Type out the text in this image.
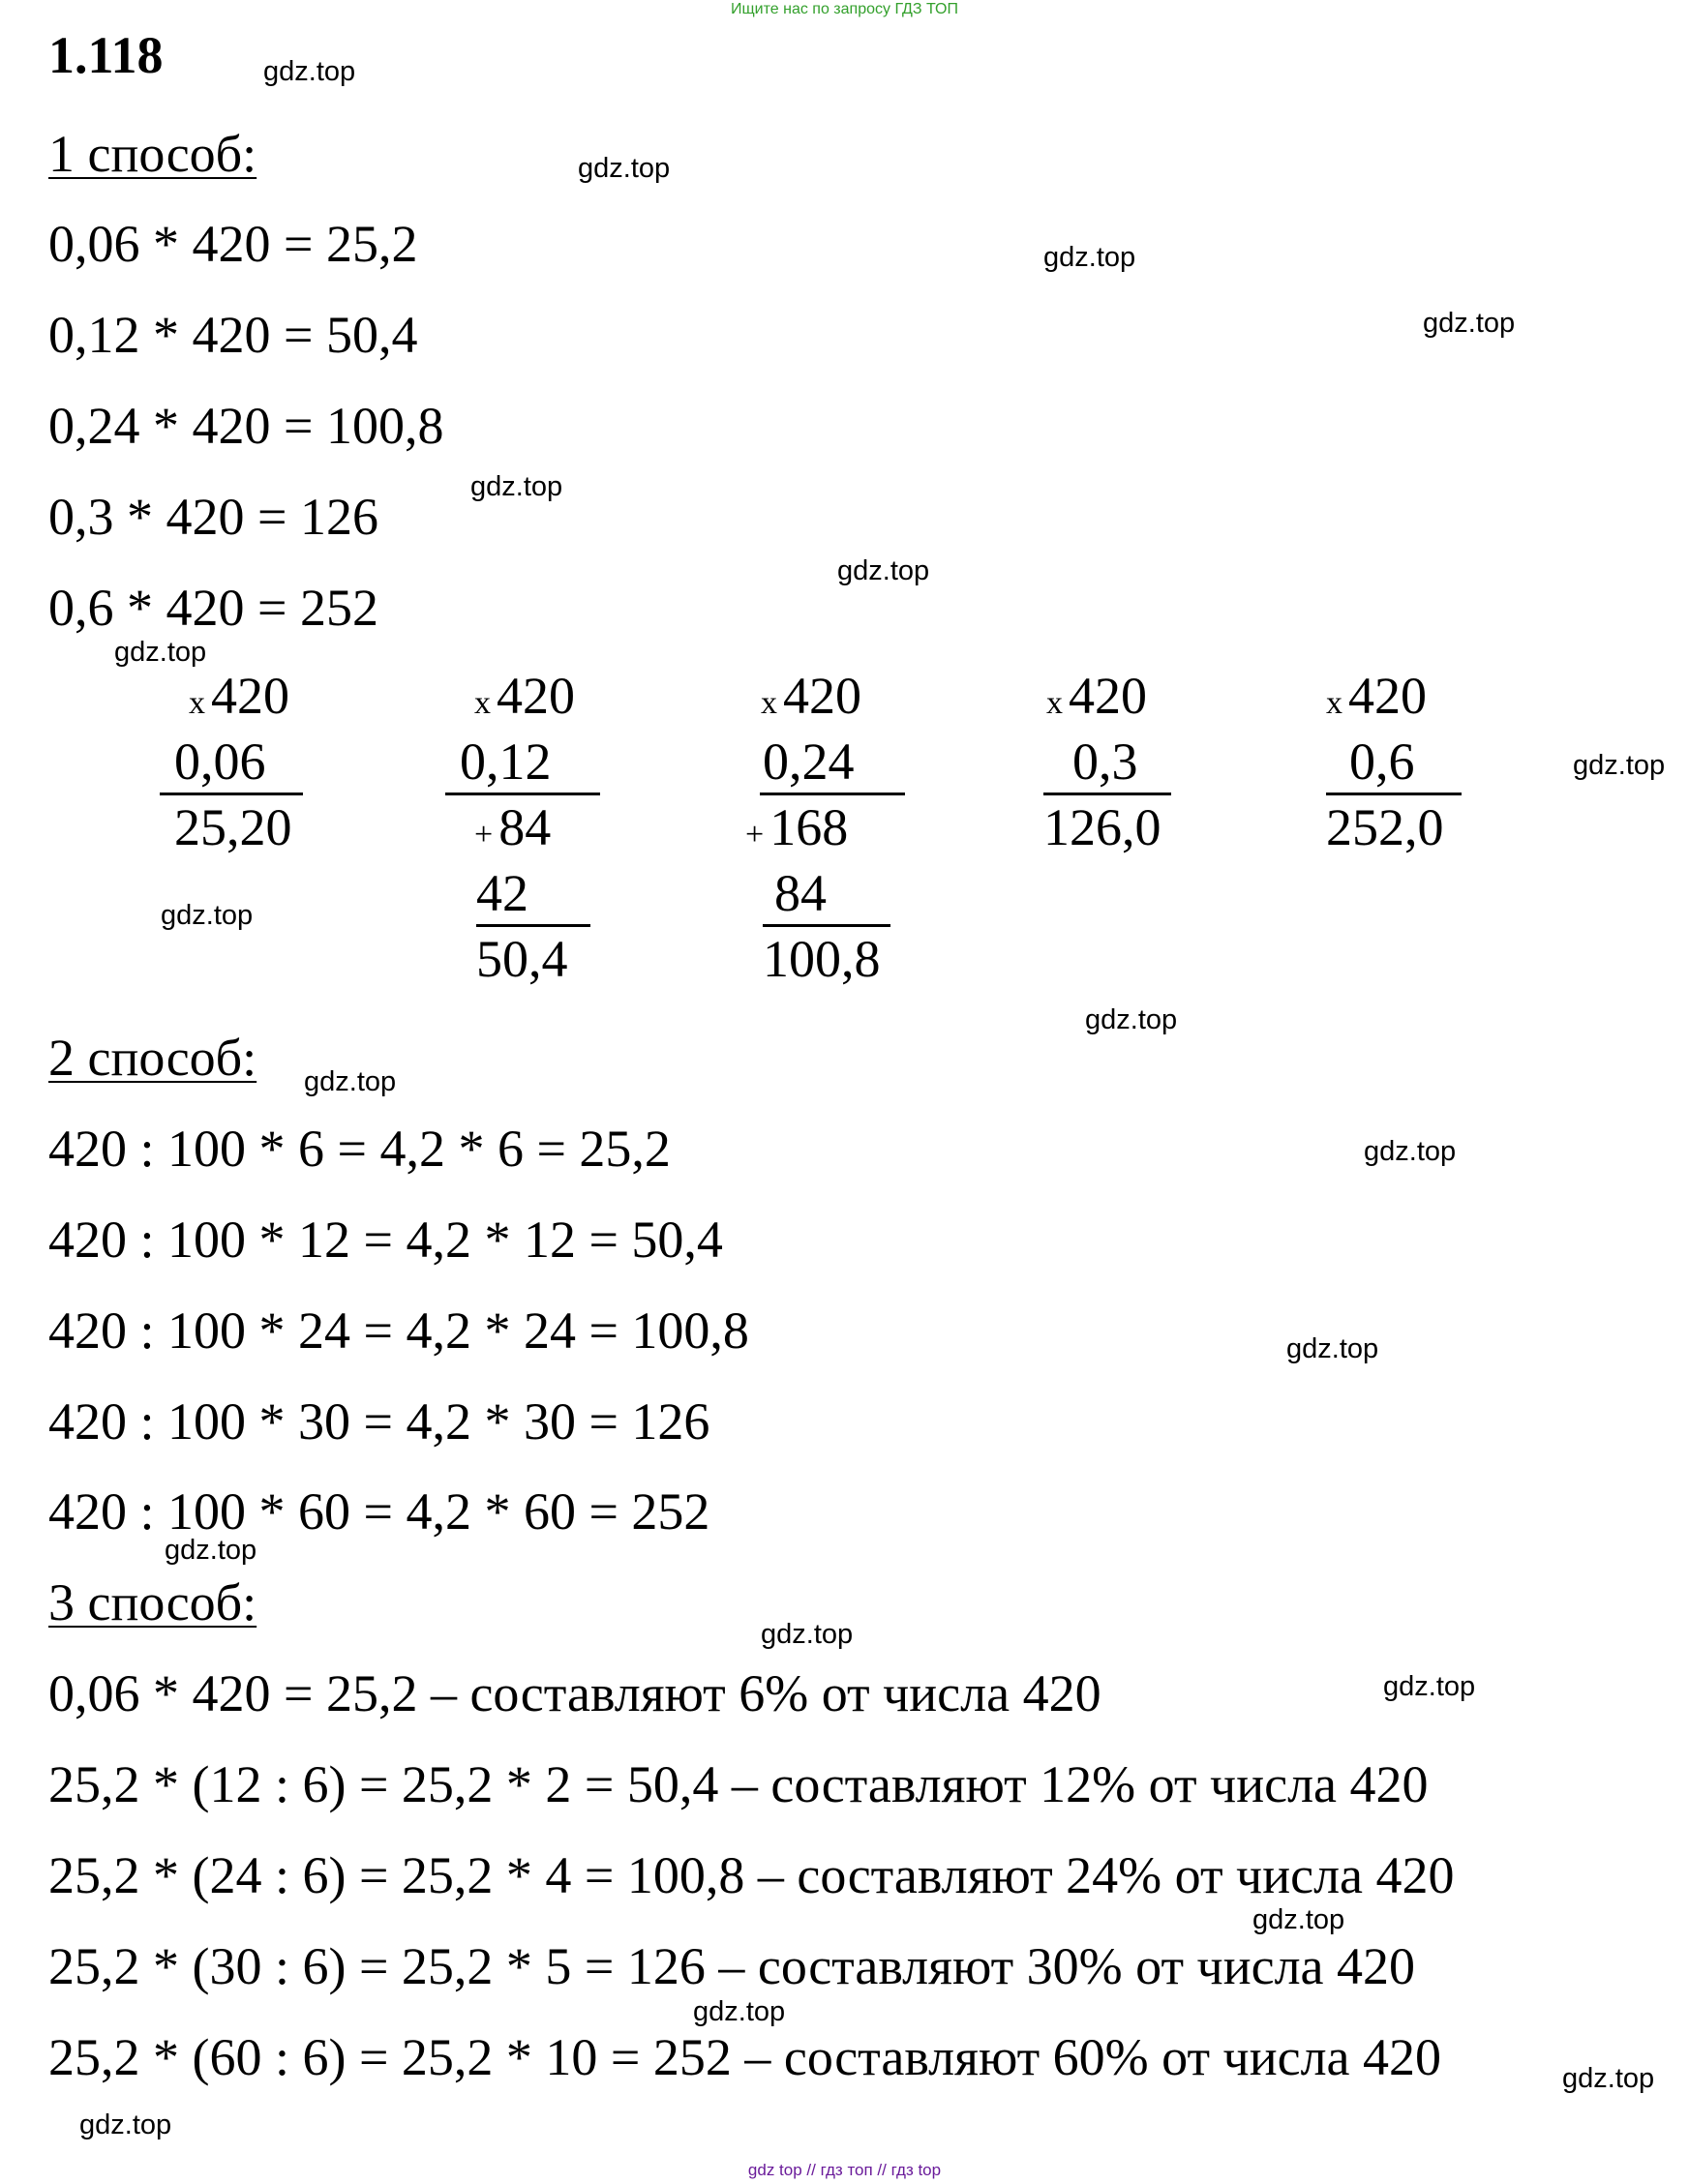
Ищите нас по запросу ГДЗ ТОП
1.118
1 способ:
0,06 * 420 = 25,2
0,12 * 420 = 50,4
0,24 * 420 = 100,8
0,3 * 420 = 126
0,6 * 420 = 252
x 420
0,06
25,20
x 420
0,12
+ 84
42
50,4
x 420
0,24
+ 168
84
100,8
x 420
0,3
126,0
x 420
0,6
252,0
2 способ:
420 : 100 * 6 = 4,2 * 6 = 25,2
420 : 100 * 12 = 4,2 * 12 = 50,4
420 : 100 * 24 = 4,2 * 24 = 100,8
420 : 100 * 30 = 4,2 * 30 = 126
420 : 100 * 60 = 4,2 * 60 = 252
3 способ:
0,06 * 420 = 25,2 – составляют 6% от числа 420
25,2 * (12 : 6) = 25,2 * 2 = 50,4 – составляют 12% от числа 420
25,2 * (24 : 6) = 25,2 * 4 = 100,8 – составляют 24% от числа 420
25,2 * (30 : 6) = 25,2 * 5 = 126 – составляют 30% от числа 420
25,2 * (60 : 6) = 25,2 * 10 = 252 – составляют 60% от числа 420
gdz.top
gdz.top
gdz.top
gdz.top
gdz.top
gdz.top
gdz.top
gdz.top
gdz.top
gdz.top
gdz.top
gdz.top
gdz.top
gdz.top
gdz.top
gdz.top
gdz.top
gdz.top
gdz.top
gdz.top
gdz top // гдз топ // гдз top
